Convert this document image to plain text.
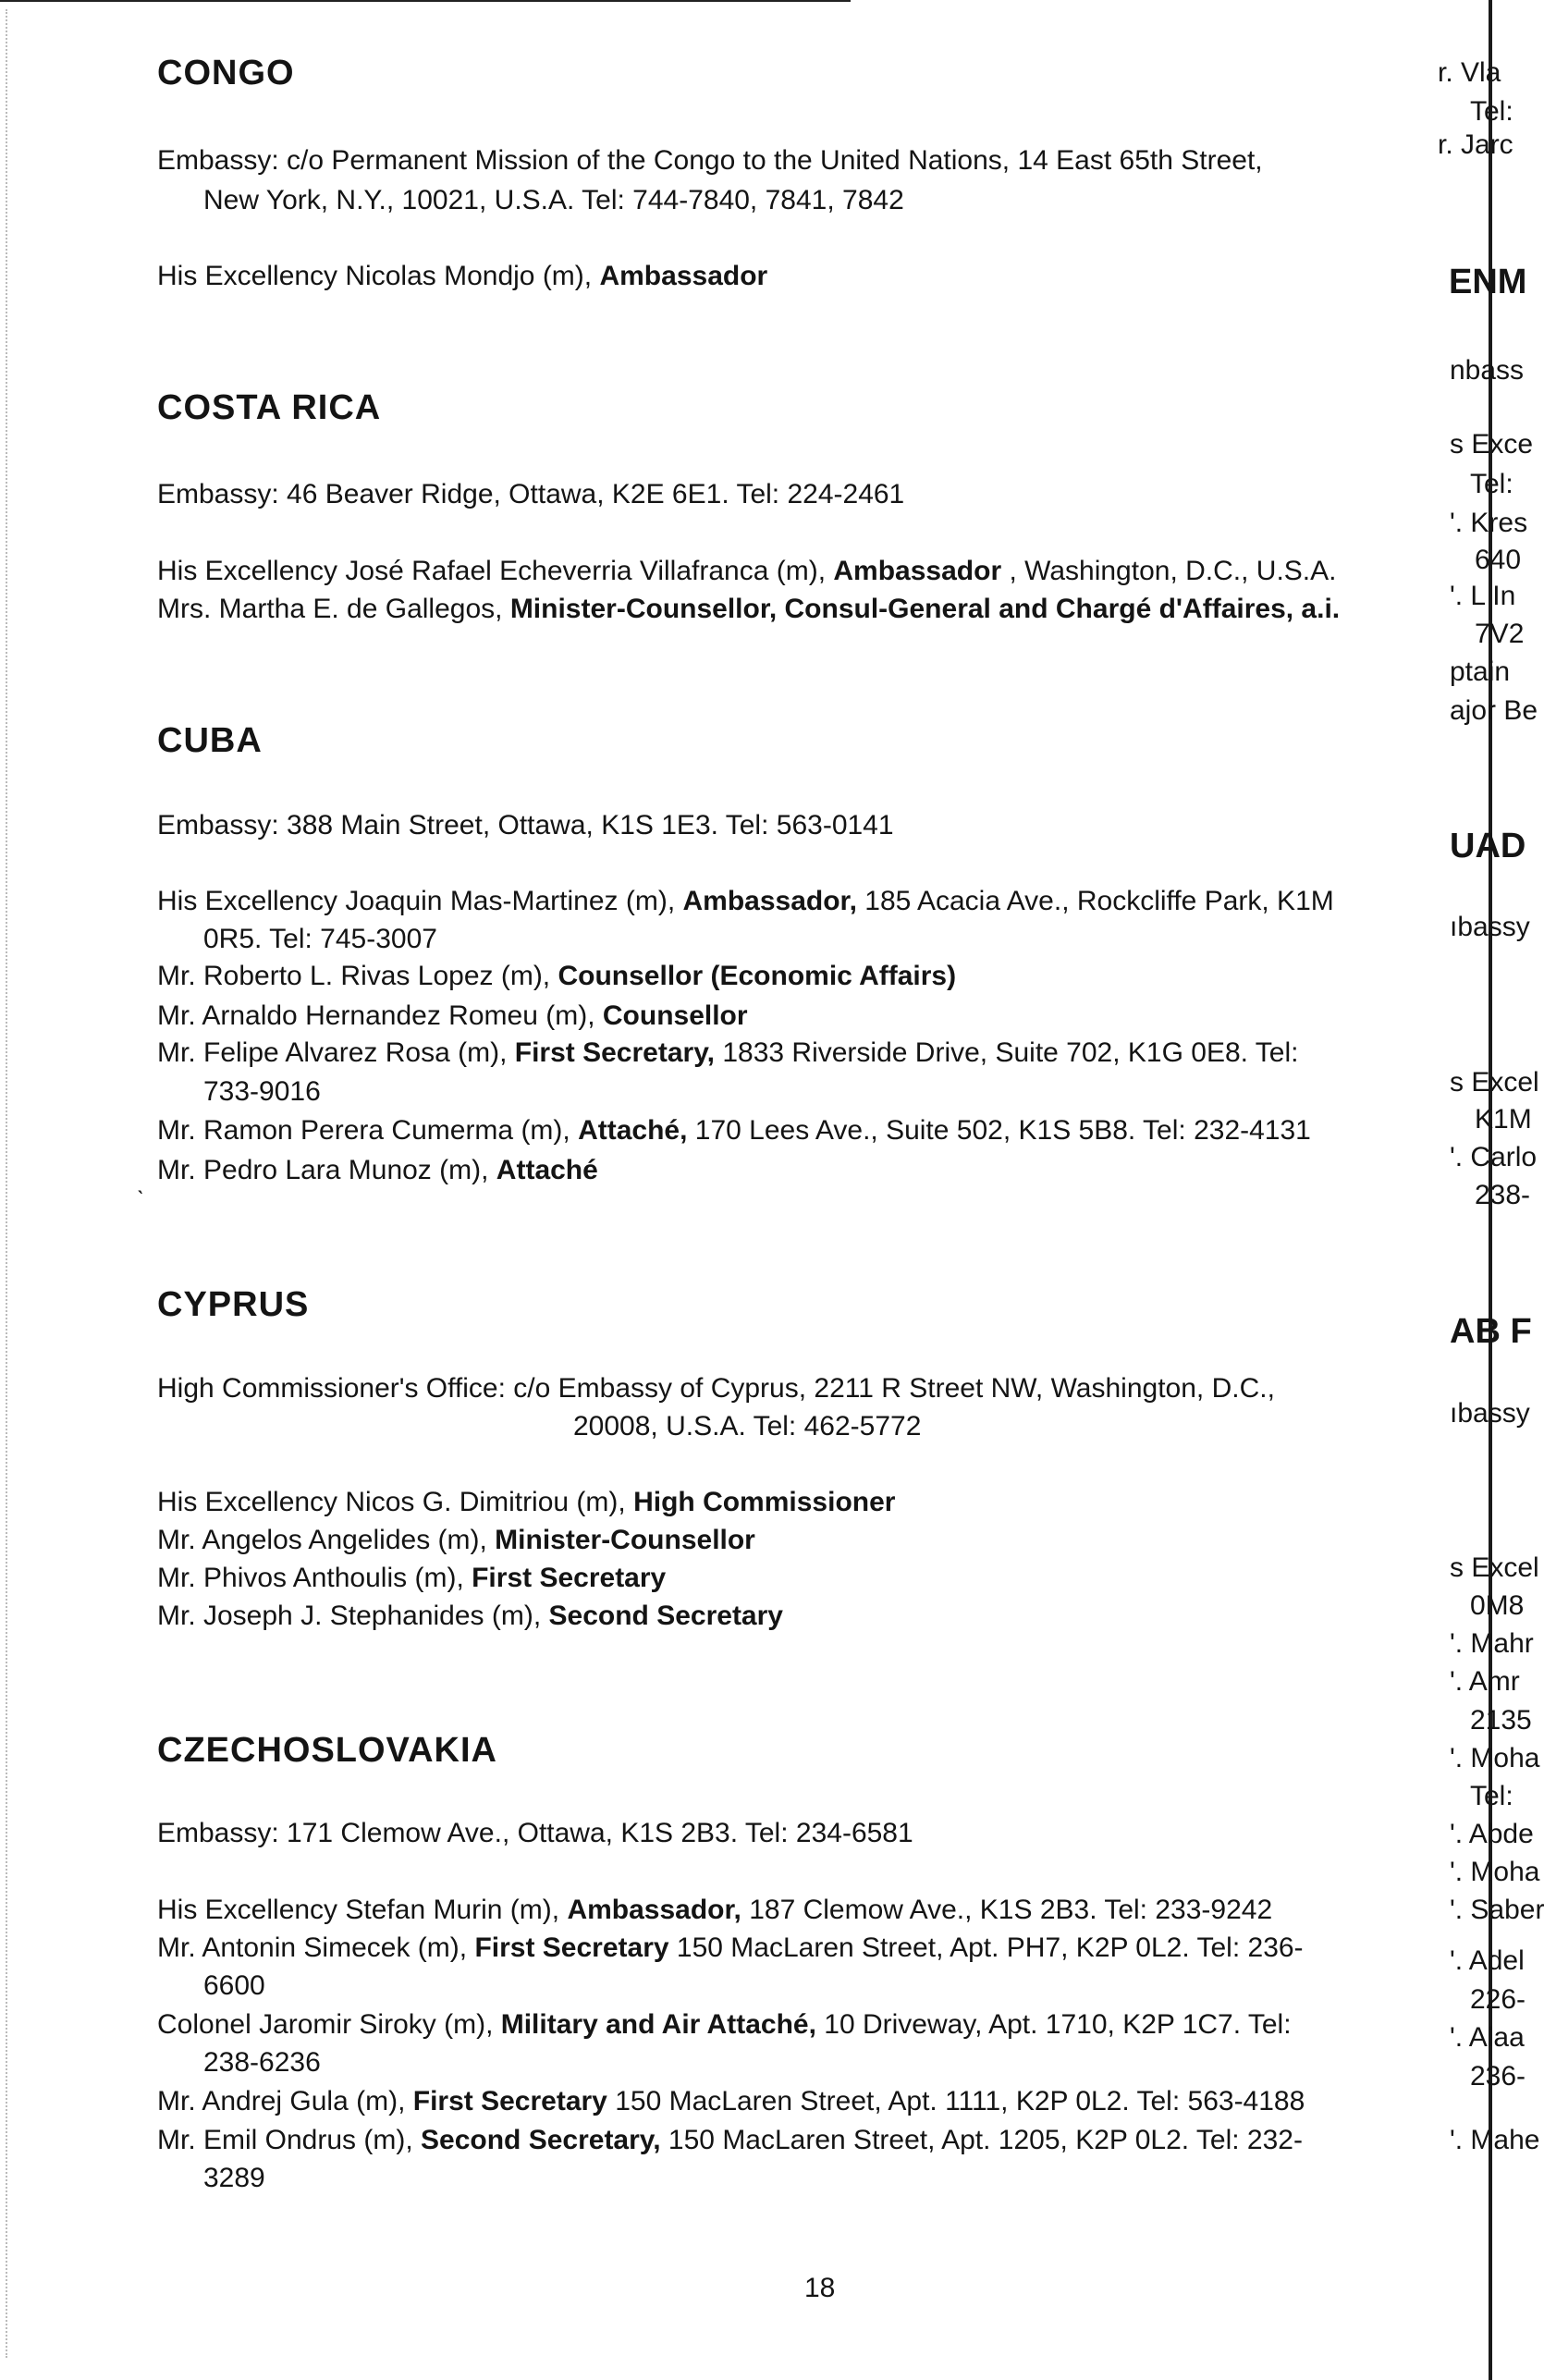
CONGO
Embassy: c/o Permanent Mission of the Congo to the United Nations, 14 East 65th Street,
New York, N.Y., 10021, U.S.A. Tel: 744-7840, 7841, 7842
His Excellency Nicolas Mondjo (m), Ambassador
COSTA RICA
Embassy: 46 Beaver Ridge, Ottawa, K2E 6E1. Tel: 224-2461
His Excellency José Rafael Echeverria Villafranca (m), Ambassador , Washington, D.C., U.S.A.
Mrs. Martha E. de Gallegos, Minister-Counsellor, Consul-General and Chargé d'Affaires, a.i.
CUBA
Embassy: 388 Main Street, Ottawa, K1S 1E3. Tel: 563-0141
His Excellency Joaquin Mas-Martinez (m), Ambassador, 185 Acacia Ave., Rockcliffe Park, K1M
0R5. Tel: 745-3007
Mr. Roberto L. Rivas Lopez (m), Counsellor (Economic Affairs)
Mr. Arnaldo Hernandez Romeu (m), Counsellor
Mr. Felipe Alvarez Rosa (m), First Secretary, 1833 Riverside Drive, Suite 702, K1G 0E8. Tel:
733-9016
Mr. Ramon Perera Cumerma (m), Attaché, 170 Lees Ave., Suite 502, K1S 5B8. Tel: 232-4131
ˎ Mr. Pedro Lara Munoz (m), Attaché
CYPRUS
High Commissioner's Office: c/o Embassy of Cyprus, 2211 R Street NW, Washington, D.C.,
20008, U.S.A. Tel: 462-5772
His Excellency Nicos G. Dimitriou (m), High Commissioner
Mr. Angelos Angelides (m), Minister-Counsellor
Mr. Phivos Anthoulis (m), First Secretary
Mr. Joseph J. Stephanides (m), Second Secretary
CZECHOSLOVAKIA
Embassy: 171 Clemow Ave., Ottawa, K1S 2B3. Tel: 234-6581
His Excellency Stefan Murin (m), Ambassador, 187 Clemow Ave., K1S 2B3. Tel: 233-9242
Mr. Antonin Simecek (m), First Secretary 150 MacLaren Street, Apt. PH7, K2P 0L2. Tel: 236-
6600
Colonel Jaromir Siroky (m), Military and Air Attaché, 10 Driveway, Apt. 1710, K2P 1C7. Tel:
238-6236
Mr. Andrej Gula (m), First Secretary 150 MacLaren Street, Apt. 1111, K2P 0L2. Tel: 563-4188
Mr. Emil Ondrus (m), Second Secretary, 150 MacLaren Street, Apt. 1205, K2P 0L2. Tel: 232-
3289
18
r. Vla
Tel:
r. Jarc
ENM
nbass
s Exce
Tel:
'. Kres
640
'. L In
7V2
ptain
ajor Be
UAD
ıbassy
s Excel
K1M
'. Carlo
238-
AB F
ıbassy
s Excel
0M8
'. Mahr
'. Amr
2135
'. Moha
Tel:
'. Abde
'. Moha
'. Saber
'. Adel
226-
'. Alaa
236-
'. Mahe
